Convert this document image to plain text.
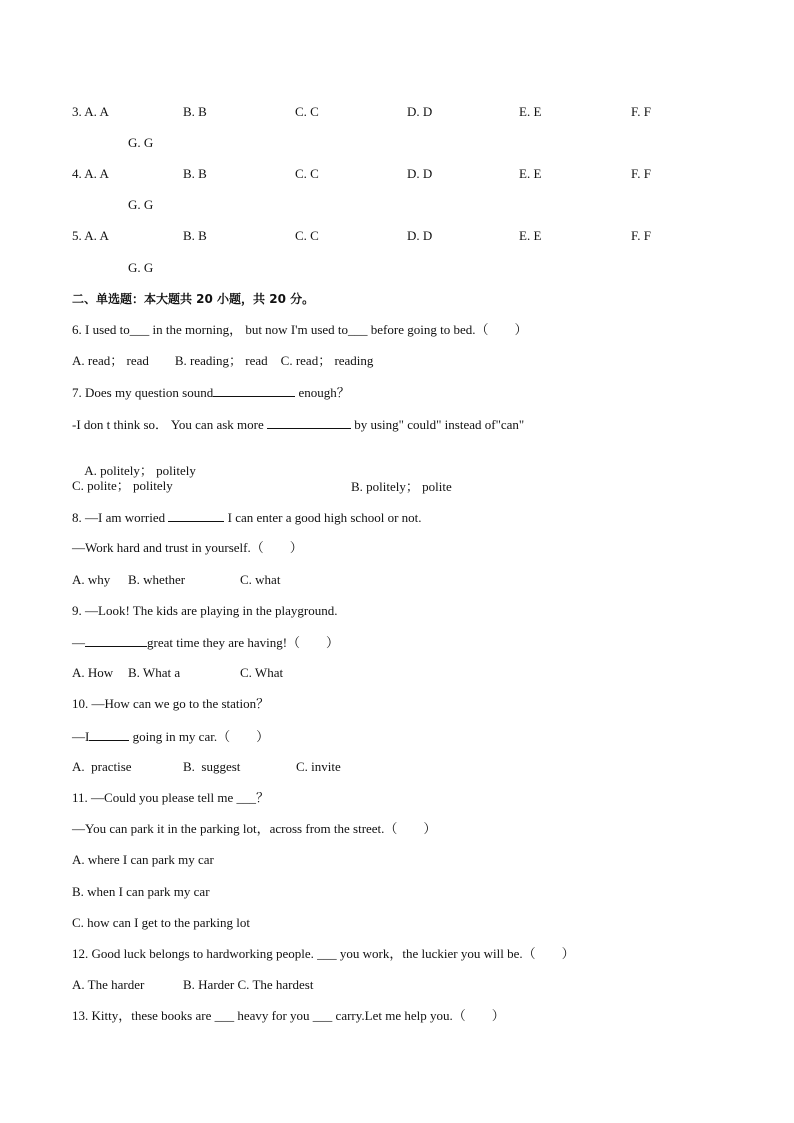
3. A. A	B. B	C. C	D. D	E. E	F. F
G. G
4. A. A	B. B	C. C	D. D	E. E	F. F
G. G
5. A. A	B. B	C. C	D. D	E. E	F. F
G. G
二、单选题：本大题共 20 小题，共 20 分。
6. I used to___ in the morning， but now I'm used to___ before going to bed.（　　）
A. read； read　　B. reading； read　C. read； reading
7. Does my question sound	enough？
-I don t think so． You can ask more	by using" could" instead of"can"

A. politely； politely

B. politely； polite

C. polite； politely
8. —I am worried	I can enter a good high school or not.
—Work hard and trust in yourself.（　　）
A. why B. whether	C. what
9. —Look! The kids are playing in the playground.
—	great time they are having!（　　）
A. How B. What a	C. What
10. —How can we go to the station？
—I	going in my car.（　　）
A.  practise	B.  suggest	C. invite
11. —Could you please tell me ___？
—You can park it in the parking lot，across from the street.（　　）
A. where I can park my car
B. when I can park my car
C. how can I get to the parking lot
12. Good luck belongs to hardworking people. ___ you work，the luckier you will be.（　　）
A. The harder	B. Harder C. The hardest
13. Kitty，these books are ___ heavy for you ___ carry.Let me help you.（　　）
